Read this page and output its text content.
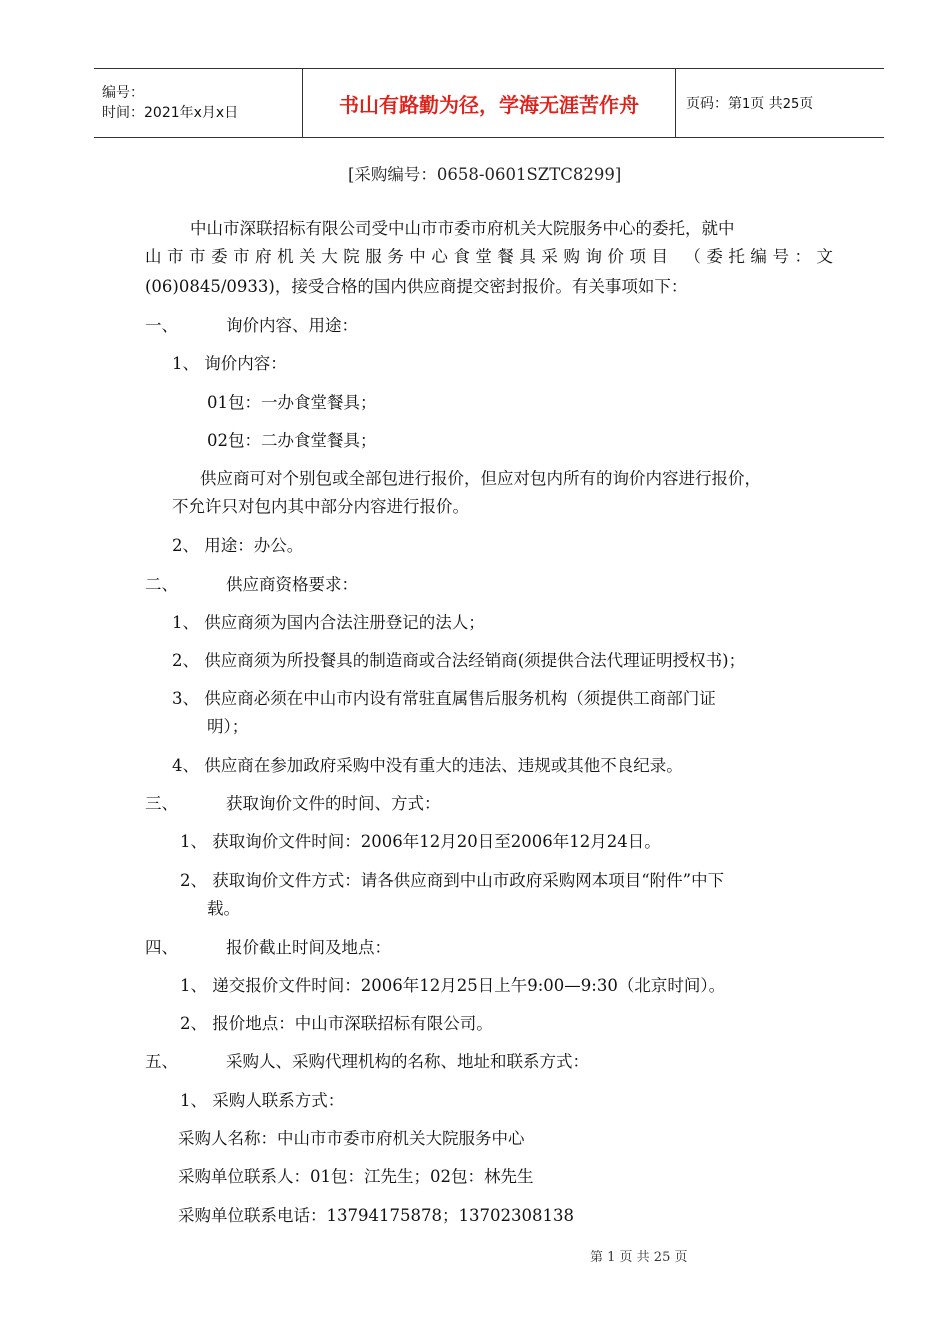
编号：
时间：2021年x月x日	书山有路勤为径，学海无涯苦作舟	页码：第1页 共25页
[采购编号：0658-0601SZTC8299]
中山市深联招标有限公司受中山市市委市府机关大院服务中心的委托，就中
山市市委市府机关大院服务中心食堂餐具采购询价项目 （委托编号：文
(06)0845/0933)，接受合格的国内供应商提交密封报价。有关事项如下：
一、	询价内容、用途：
1、 询价内容：
01包：一办食堂餐具；
02包：二办食堂餐具；
供应商可对个别包或全部包进行报价，但应对包内所有的询价内容进行报价，
不允许只对包内其中部分内容进行报价。
2、 用途：办公。
二、	供应商资格要求：
1、 供应商须为国内合法注册登记的法人；
2、 供应商须为所投餐具的制造商或合法经销商(须提供合法代理证明授权书)；
3、 供应商必须在中山市内设有常驻直属售后服务机构（须提供工商部门证
明）；
4、 供应商在参加政府采购中没有重大的违法、违规或其他不良纪录。
三、	获取询价文件的时间、方式：
1、 获取询价文件时间：2006年12月20日至2006年12月24日。
2、 获取询价文件方式：请各供应商到中山市政府采购网本项目“附件”中下
载。
四、	报价截止时间及地点：
1、 递交报价文件时间：2006年12月25日上午9:00—9:30（北京时间）。
2、 报价地点：中山市深联招标有限公司。
五、	采购人、采购代理机构的名称、地址和联系方式：
1、 采购人联系方式：
采购人名称：中山市市委市府机关大院服务中心
采购单位联系人：01包：江先生；02包：林先生
采购单位联系电话：13794175878；13702308138
第 1 页 共 25 页
